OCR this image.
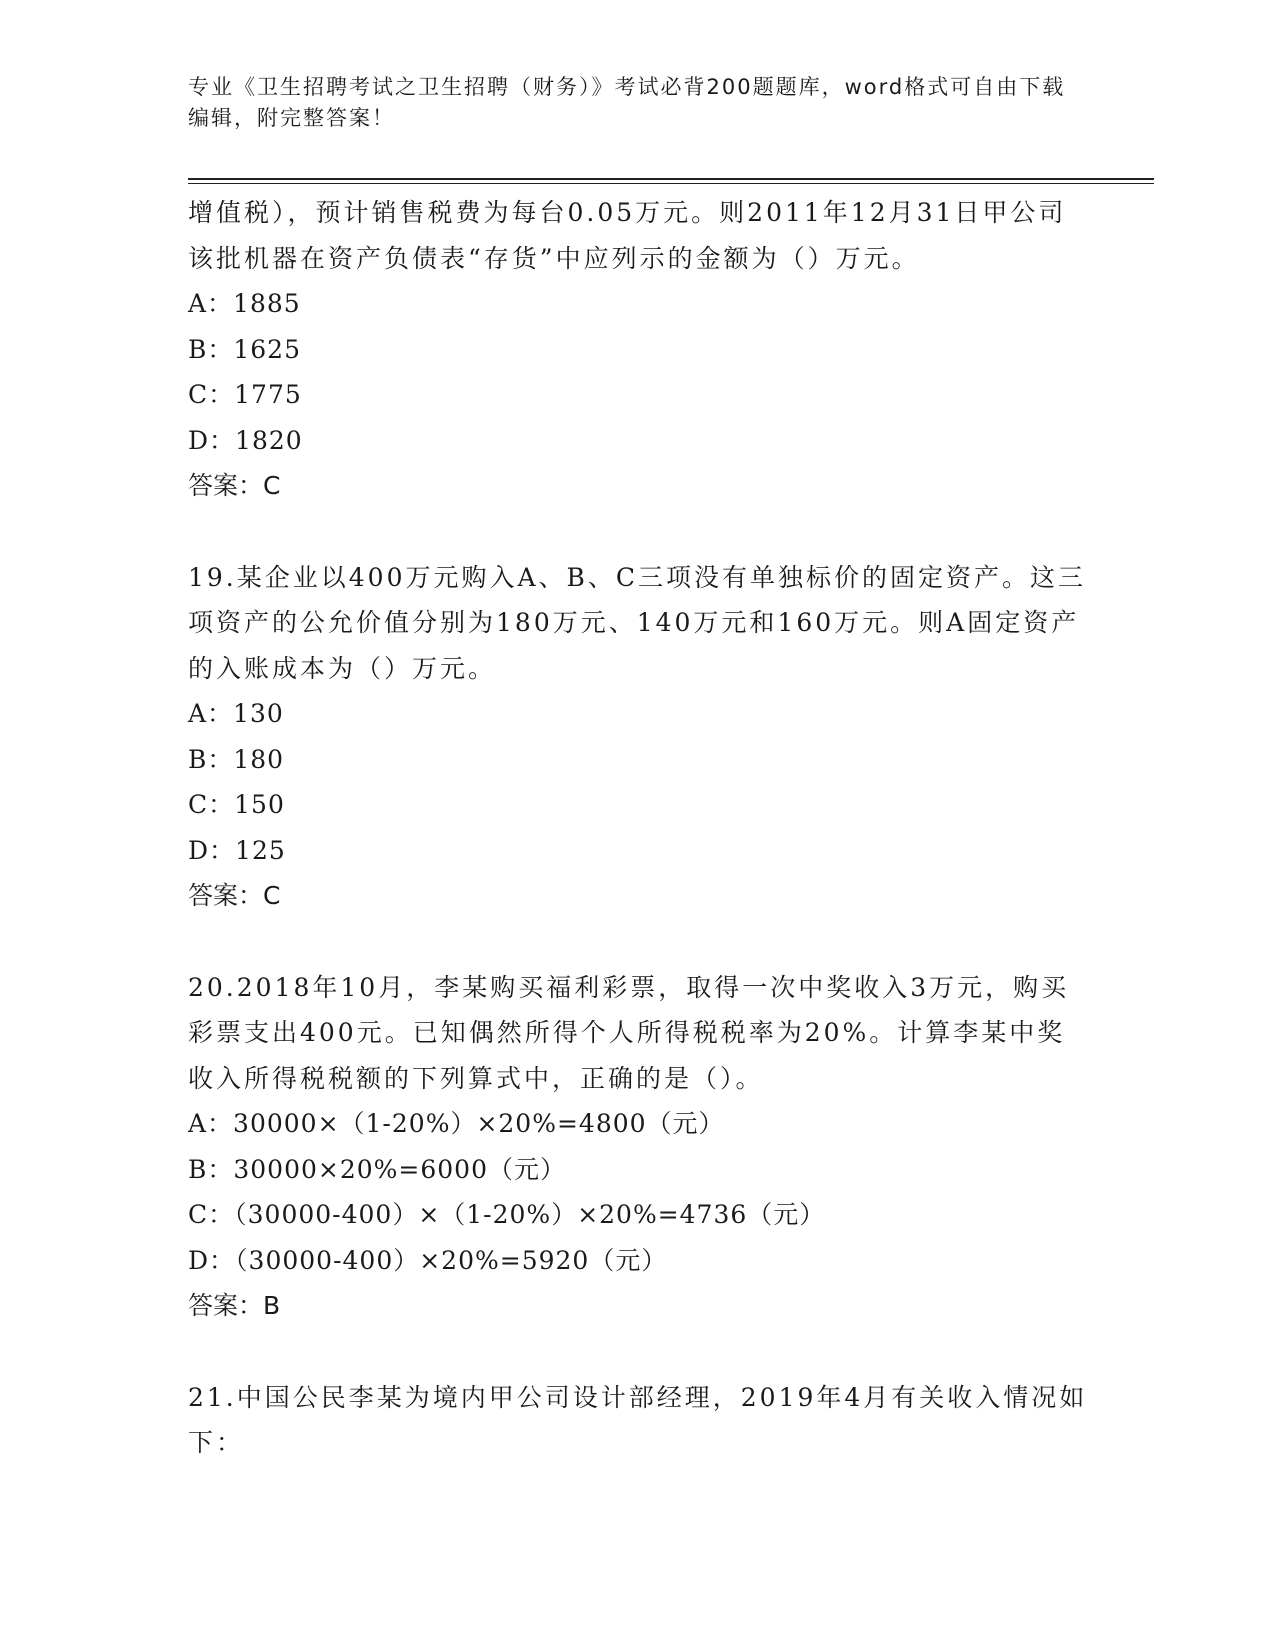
专业《卫生招聘考试之卫生招聘（财务）》考试必背200题题库，word格式可自由下载编辑，附完整答案！

增值税），预计销售税费为每台0.05万元。则2011年12月31日甲公司该批机器在资产负债表“存货”中应列示的金额为（）万元。

A：1885

B：1625

C：1775

D：1820

答案：C

19.某企业以400万元购入A、B、C三项没有单独标价的固定资产。这三项资产的公允价值分别为180万元、140万元和160万元。则A固定资产的入账成本为（）万元。

A：130

B：180

C：150

D：125

答案：C

20.2018年10月，李某购买福利彩票，取得一次中奖收入3万元，购买彩票支出400元。已知偶然所得个人所得税税率为20%。计算李某中奖收入所得税税额的下列算式中，正确的是（）。

A：30000×（1-20%）×20%=4800（元）

B：30000×20%=6000（元）

C：（30000-400）×（1-20%）×20%=4736（元）

D：（30000-400）×20%=5920（元）

答案：B

21.中国公民李某为境内甲公司设计部经理，2019年4月有关收入情况如下：
